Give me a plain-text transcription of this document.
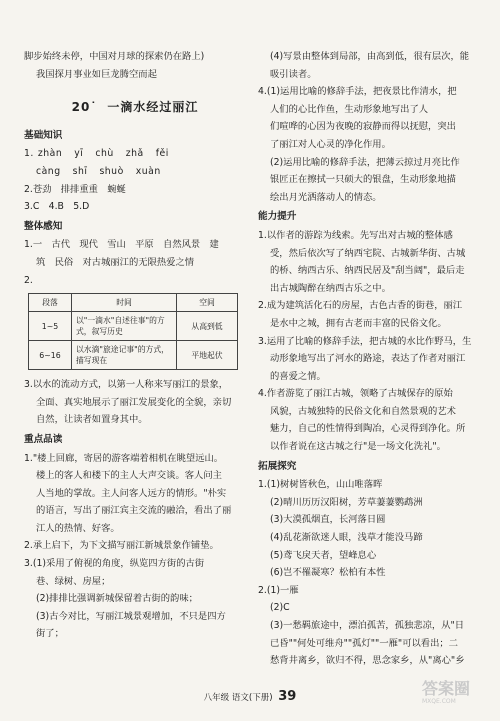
脚步始终未停，中国对月球的探索仍在路上)

我国探月事业如巨龙腾空而起

20˙ 一滴水经过丽江
基础知识

1. zhàn yī chù zhǎ fěi

càng shī shuò xuàn

2.苍劲　排排重重　蜿蜒

3.C　4.B　5.D

整体感知

1.一　古代　现代　雪山　平原　自然风景　建

筑　民俗　对古城丽江的无限热爱之情

2.

段落	时间	空间
1~5	以"一滴水"自述往事"的方式，叙写历史	从高到低
6~16	以水滴"旅途记事"的方式，描写现在	平地起伏

3.以水的流动方式，以第一人称来写丽江的景象，

全面、真实地展示了丽江发展变化的全貌，亲切

自然，让读者如置身其中。

重点品读

1."楼上回廊，寄居的游客端着相机在眺望远山。

楼上的客人和楼下的主人大声交谈。客人问主

人当地的掌故。主人问客人远方的情形。"朴实

的语言，写出了丽江宾主交流的融洽，看出了丽

江人的热情、好客。

2.承上启下，为下文描写丽江新城景象作铺垫。

3.(1)采用了俯视的角度，纵览四方街的古街

巷、绿树、房屋；

(2)排排比强调新城保留着古街的韵味；

(3)古今对比，写丽江城景观增加，不只是四方

街了；

(4)写景由整体到局部，由高到低，很有层次，能

吸引读者。

4.(1)运用比喻的修辞手法，把夜景比作清水，把

人们的心比作鱼，生动形象地写出了人

们喧哗的心因为夜晚的寂静而得以抚慰，突出

了丽江对人心灵的净化作用。

(2)运用比喻的修辞手法，把薄云掠过月亮比作

银匠正在擦拭一只硕大的银盘，生动形象地描

绘出月光洒落动人的情态。

能力提升

1.以作者的游踪为线索。先写出对古城的整体感

受，然后依次写了纳西宅院、古城新华街、古城

的桥、纳西古乐、纳西民居及"刮当阔"，最后走

出古城陶醉在纳西古乐之中。

2.成为建筑活化石的房屋，古色古香的街巷，丽江

是水中之城，拥有古老而丰富的民俗文化。

3.运用了比喻的修辞手法，把古城的水比作野马，生

动形象地写出了河水的路途，表达了作者对丽江

的喜爱之情。

4.作者游览了丽江古城，领略了古城保存的原始

风貌，古城独特的民俗文化和自然景观的艺术

魅力，自己的性情得到陶冶，心灵得到净化。所

以作者说在这古城之行"是一场文化洗礼"。

拓展探究

1.(1)树树皆秋色，山山唯落晖

(2)晴川历历汉阳树，芳草萋萋鹦鹉洲

(3)大漠孤烟直，长河落日圆

(4)乱花渐欲迷人眼，浅草才能没马蹄

(5)鸢飞戾天者，望峰息心

(6)岂不罹凝寒？松柏有本性

2.(1)一雁

(2)C

(3)一愁羁旅途中，漂泊孤苦，孤独悲凉，从"日

已昏""何处可维舟""孤灯""一雁"可以看出；二

愁背井离乡，欲归不得，思念家乡，从"离心"乡

八年级 语文(下册) 39	答案圈
MXQE.COM
